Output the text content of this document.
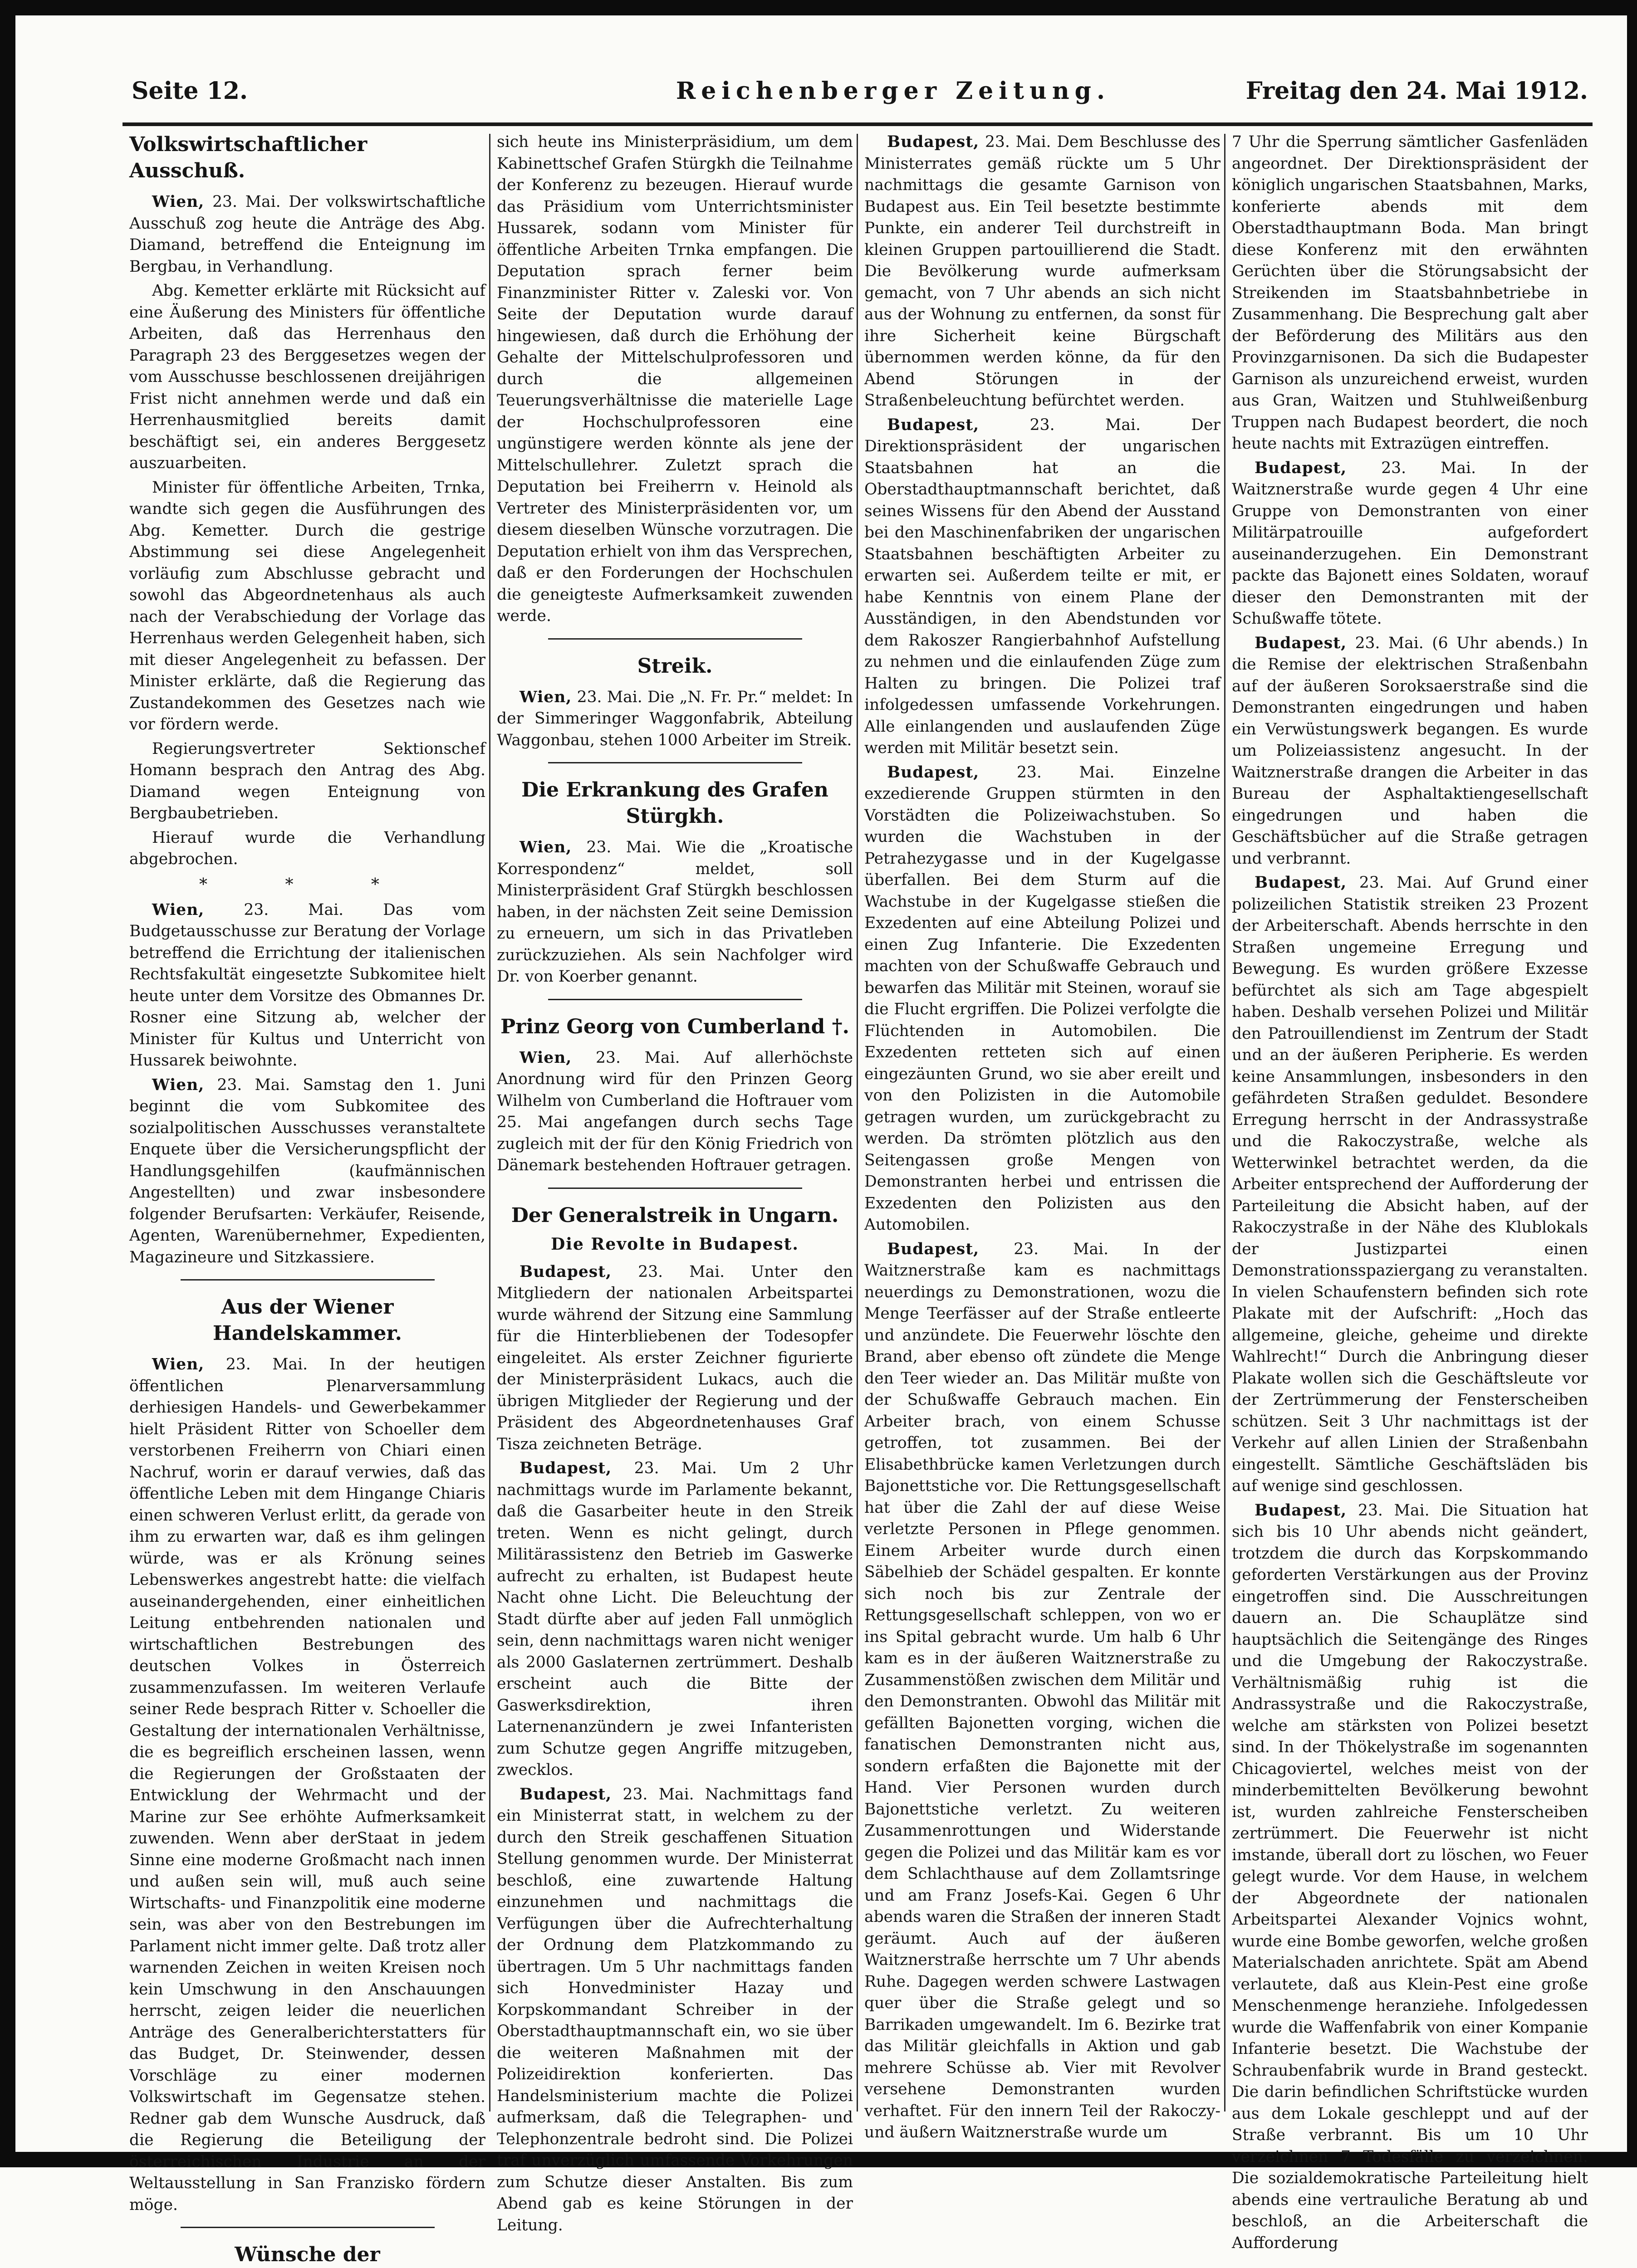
Seite 12.	Reichenberger Zeitung.	Freitag den 24. Mai 1912.
Volkswirtschaftlicher Ausschuß.

Wien, 23. Mai. Der volkswirtschaftliche Ausschuß zog heute die Anträge des Abg. Diamand, betreffend die Enteignung im Bergbau, in Verhandlung.

Abg. Kemetter erklärte mit Rücksicht auf eine Äußerung des Ministers für öffentliche Arbeiten, daß das Herrenhaus den Paragraph 23 des Berggesetzes wegen der vom Ausschusse beschlossenen dreijährigen Frist nicht annehmen werde und daß ein Herrenhausmitglied bereits damit beschäftigt sei, ein anderes Berggesetz auszuarbeiten.

Minister für öffentliche Arbeiten, Trnka, wandte sich gegen die Ausführungen des Abg. Kemetter. Durch die gestrige Abstimmung sei diese Angelegenheit vorläufig zum Abschlusse gebracht und sowohl das Abgeordnetenhaus als auch nach der Verabschiedung der Vorlage das Herrenhaus werden Gelegenheit haben, sich mit dieser Angelegenheit zu befassen. Der Minister erklärte, daß die Regierung das Zustandekommen des Gesetzes nach wie vor fördern werde.

Regierungsvertreter Sektionschef Homann besprach den Antrag des Abg. Diamand wegen Enteignung von Bergbaubetrieben.

Hierauf wurde die Verhandlung abgebrochen.

* * *

Wien,	23. Mai. Das vom Budgetausschusse zur Beratung der Vorlage betreffend die Errichtung der italienischen Rechtsfakultät eingesetzte Subkomitee hielt heute unter dem Vorsitze des Obmannes Dr. Rosner eine Sitzung ab, welcher der Minister für Kultus und Unterricht von Hussarek beiwohnte.

Wien, 23. Mai. Samstag den 1. Juni beginnt die vom Subkomitee des sozialpolitischen Ausschusses veranstaltete Enquete über die Versicherungspflicht der Handlungsgehilfen (kaufmännischen Angestellten) und zwar insbesondere folgender Berufsarten: Verkäufer, Reisende, Agenten, Warenübernehmer, Expedienten, Magazineure und Sitzkassiere.

Aus der Wiener Handelskammer.

Wien, 23. Mai. In der heutigen öffentlichen Plenarversammlung derhiesigen Handels- und Gewerbekammer hielt Präsident Ritter von Schoeller dem verstorbenen Freiherrn von Chiari einen Nachruf, worin er darauf verwies, daß das öffentliche Leben mit dem Hingange Chiaris einen schweren Verlust erlitt, da gerade von ihm zu erwarten war, daß es ihm gelingen würde, was er als Krönung seines Lebenswerkes angestrebt hatte: die vielfach auseinandergehenden, einer einheitlichen Leitung entbehrenden nationalen und wirtschaftlichen Bestrebungen des deutschen Volkes in Österreich zusammenzufassen. Im weiteren Verlaufe seiner Rede besprach Ritter v. Schoeller die Gestaltung der internationalen Verhältnisse, die es begreiflich erscheinen lassen, wenn die Regierungen der Großstaaten der Entwicklung der Wehrmacht und der Marine zur See erhöhte Aufmerksamkeit zuwenden. Wenn aber derStaat in jedem Sinne eine moderne Großmacht nach innen und außen sein will, muß auch seine Wirtschafts- und Finanzpolitik eine moderne sein, was aber von den Bestrebungen im Parlament nicht immer gelte. Daß trotz aller warnenden Zeichen in weiten Kreisen noch kein Umschwung in den Anschauungen herrscht, zeigen leider die neuerlichen Anträge des Generalberichterstatters für das Budget, Dr. Steinwender, dessen Vorschläge zu einer modernen Volkswirtschaft im Gegensatze stehen. Redner gab dem Wunsche Ausdruck, daß die Regierung die Beteiligung der österreichischen Industrie an der Weltausstellung in San Franzisko fördern möge.

Wünsche der

sich heute ins Ministerpräsidium, um dem Kabinettschef Grafen Stürgkh die Teilnahme der Konferenz zu bezeugen. Hierauf wurde das Präsidium vom Unterrichtsminister Hussarek, sodann vom Minister für öffentliche Arbeiten Trnka empfangen. Die Deputation sprach ferner beim Finanzminister Ritter v. Zaleski vor. Von Seite der Deputation wurde darauf hingewiesen, daß durch die Erhöhung der Gehalte der Mittelschulprofessoren und durch die allgemeinen Teuerungsverhältnisse die materielle Lage der Hochschulprofessoren eine ungünstigere werden könnte als jene der Mittelschullehrer. Zuletzt sprach die Deputation bei Freiherrn v. Heinold als Vertreter des Ministerpräsidenten vor, um diesem dieselben Wünsche vorzutragen. Die Deputation erhielt von ihm das Versprechen, daß er den Forderungen der Hochschulen die geneigteste Aufmerksamkeit zuwenden werde.

Streik.

Wien, 23. Mai. Die „N. Fr. Pr.“ meldet: In der Simmeringer Waggonfabrik, Abteilung Waggonbau, stehen 1000 Arbeiter im Streik.

Die Erkrankung des Grafen Stürgkh.

Wien, 23. Mai. Wie die „Kroatische Korrespondenz“ meldet, soll Ministerpräsident Graf Stürgkh beschlossen haben, in der nächsten Zeit seine Demission zu erneuern, um sich in das Privatleben zurückzuziehen. Als sein Nachfolger wird Dr. von Koerber genannt.

Prinz Georg von Cumberland †.

Wien, 23. Mai. Auf allerhöchste Anordnung wird für den Prinzen Georg Wilhelm von Cumberland die Hoftrauer vom 25. Mai angefangen durch sechs Tage zugleich mit der für den König Friedrich von Dänemark bestehenden Hoftrauer getragen.

Der Generalstreik in Ungarn.
Die Revolte in Budapest.

Budapest, 23. Mai. Unter den Mitgliedern der nationalen Arbeitspartei wurde während der Sitzung eine Sammlung für die Hinterbliebenen der Todesopfer eingeleitet. Als erster Zeichner figurierte der Ministerpräsident Lukacs, auch die übrigen Mitglieder der Regierung und der Präsident des Abgeordnetenhauses Graf Tisza zeichneten Beträge.

Budapest, 23. Mai. Um 2 Uhr nachmittags wurde im Parlamente bekannt, daß die Gasarbeiter heute in den Streik treten. Wenn es nicht gelingt, durch Militärassistenz den Betrieb im Gaswerke aufrecht zu erhalten, ist Budapest heute Nacht ohne Licht. Die Beleuchtung der Stadt dürfte aber auf jeden Fall unmöglich sein, denn nachmittags waren nicht weniger als 2000 Gaslaternen zertrümmert. Deshalb erscheint auch die Bitte der Gaswerksdirektion, ihren Laternenanzündern je zwei Infanteristen zum Schutze gegen Angriffe mitzugeben, zwecklos.

Budapest, 23. Mai. Nachmittags fand ein Ministerrat statt, in welchem zu der durch den Streik geschaffenen Situation Stellung genommen wurde. Der Ministerrat beschloß, eine zuwartende Haltung einzunehmen und nachmittags die Verfügungen über die Aufrechterhaltung der Ordnung dem Platzkommando zu übertragen. Um 5 Uhr nachmittags fanden sich Honvedminister Hazay und Korpskommandant Schreiber in der Oberstadthauptmannschaft ein, wo sie über die weiteren Maßnahmen mit der Polizeidirektion konferierten. Das Handelsministerium machte die Polizei aufmerksam, daß die Telegraphen- und Telephonzentrale bedroht sind. Die Polizei traf unverzüglich umfassende Vorkehrungen zum Schutze dieser Anstalten. Bis zum Abend gab es keine Störungen in der Leitung.

Budapest, 23. Mai. Dem Beschlusse des Ministerrates gemäß rückte um 5 Uhr nachmittags die gesamte Garnison von Budapest aus. Ein Teil besetzte bestimmte Punkte, ein anderer Teil durchstreift in kleinen Gruppen partouillierend die Stadt. Die Bevölkerung wurde aufmerksam gemacht, von 7 Uhr abends an sich nicht aus der Wohnung zu entfernen, da sonst für ihre Sicherheit keine Bürgschaft übernommen werden könne, da für den Abend Störungen in der Straßenbeleuchtung befürchtet werden.

Budapest,	23. Mai. Der Direktionspräsident der ungarischen Staatsbahnen hat an die Oberstadthauptmannschaft berichtet, daß seines Wissens für den Abend der Ausstand bei den Maschinenfabriken der ungarischen Staatsbahnen beschäftigten Arbeiter zu erwarten sei. Außerdem teilte er mit, er habe Kenntnis von einem Plane der Ausständigen, in den Abendstunden vor dem Rakoszer Rangierbahnhof Aufstellung zu nehmen und die einlaufenden Züge zum Halten zu bringen. Die Polizei traf infolgedessen umfassende Vorkehrungen. Alle einlangenden und auslaufenden Züge werden mit Militär besetzt sein.

Budapest, 23. Mai. Einzelne exzedierende Gruppen stürmten in den Vorstädten die Polizeiwachstuben. So wurden die Wachstuben in der Petrahezygasse und in der Kugelgasse überfallen. Bei dem Sturm auf die Wachstube in der Kugelgasse stießen die Exzedenten auf eine Abteilung Polizei und einen Zug Infanterie. Die Exzedenten machten von der Schußwaffe Gebrauch und bewarfen das Militär mit Steinen, worauf sie die Flucht ergriffen. Die Polizei verfolgte die Flüchtenden in Automobilen. Die Exzedenten retteten sich auf einen eingezäunten Grund, wo sie aber ereilt und von den Polizisten in die Automobile getragen wurden, um zurückgebracht zu werden. Da strömten plötzlich aus den Seitengassen große Mengen von Demonstranten herbei und entrissen die Exzedenten den Polizisten aus den Automobilen.

Budapest, 23. Mai. In der Waitznerstraße kam es nachmittags neuerdings zu Demonstrationen, wozu die Menge Teerfässer auf der Straße entleerte und anzündete. Die Feuerwehr löschte den Brand, aber ebenso oft zündete die Menge den Teer wieder an. Das Militär mußte von der Schußwaffe Gebrauch machen. Ein Arbeiter brach, von einem Schusse getroffen, tot zusammen. Bei der Elisabethbrücke kamen Verletzungen durch Bajonettstiche vor. Die Rettungsgesellschaft hat über die Zahl der auf diese Weise verletzte Personen in Pflege genommen. Einem Arbeiter wurde durch einen Säbelhieb der Schädel gespalten. Er konnte sich noch bis zur Zentrale der Rettungsgesellschaft schleppen, von wo er ins Spital gebracht wurde. Um halb 6 Uhr kam es in der äußeren Waitznerstraße zu Zusammenstößen zwischen dem Militär und den Demonstranten. Obwohl das Militär mit gefällten Bajonetten vorging, wichen die fanatischen Demonstranten nicht aus, sondern erfaßten die Bajonette mit der Hand. Vier Personen wurden durch Bajonettstiche verletzt. Zu weiteren Zusammenrottungen und Widerstande gegen die Polizei und das Militär kam es vor dem Schlachthause auf dem Zollamtsringe und am Franz Josefs-Kai. Gegen 6 Uhr abends waren die Straßen der inneren Stadt geräumt. Auch auf der äußeren Waitznerstraße herrschte um 7 Uhr abends Ruhe. Dagegen werden schwere Lastwagen quer über die Straße gelegt und so Barrikaden umgewandelt. Im 6. Bezirke trat das Militär gleichfalls in Aktion und gab mehrere Schüsse ab. Vier mit Revolver versehene Demonstranten wurden verhaftet. Für den innern Teil der Rakoczy- und äußern Waitznerstraße wurde um

7 Uhr die Sperrung sämtlicher Gasfenläden angeordnet. Der Direktionspräsident der königlich ungarischen Staatsbahnen, Marks, konferierte abends mit dem Oberstadthauptmann Boda. Man bringt diese Konferenz mit den erwähnten Gerüchten über die Störungsabsicht der Streikenden im Staatsbahnbetriebe in Zusammenhang. Die Besprechung galt aber der Beförderung des Militärs aus den Provinzgarnisonen. Da sich die Budapester Garnison als unzureichend erweist, wurden aus Gran, Waitzen und Stuhlweißenburg Truppen nach Budapest beordert, die noch heute nachts mit Extrazügen eintreffen.

Budapest, 23. Mai. In der Waitznerstraße wurde gegen 4 Uhr eine Gruppe von Demonstranten von einer Militärpatrouille aufgefordert auseinanderzugehen. Ein Demonstrant packte das Bajonett eines Soldaten, worauf dieser den Demonstranten mit der Schußwaffe tötete.

Budapest, 23. Mai. (6 Uhr abends.) In die Remise der elektrischen Straßenbahn auf der äußeren Soroksaerstraße sind die Demonstranten eingedrungen und haben ein Verwüstungswerk begangen. Es wurde um Polizeiassistenz angesucht. In der Waitznerstraße drangen die Arbeiter in das Bureau der Asphaltaktiengesellschaft eingedrungen und haben die Geschäftsbücher auf die Straße getragen und verbrannt.

Budapest, 23. Mai. Auf Grund einer polizeilichen Statistik streiken 23 Prozent der Arbeiterschaft. Abends herrschte in den Straßen ungemeine Erregung und Bewegung. Es wurden größere Exzesse befürchtet als sich am Tage abgespielt haben. Deshalb versehen Polizei und Militär den Patrouillendienst im Zentrum der Stadt und an der äußeren Peripherie. Es werden keine Ansammlungen, insbesonders in den gefährdeten Straßen geduldet. Besondere Erregung herrscht in der Andrassystraße und die Rakoczystraße, welche als Wetterwinkel betrachtet werden, da die Arbeiter entsprechend der Aufforderung der Parteileitung die Absicht haben, auf der Rakoczystraße in der Nähe des Klublokals der Justizpartei einen Demonstrationsspaziergang zu veranstalten. In vielen Schaufenstern befinden sich rote Plakate mit der Aufschrift: „Hoch das allgemeine, gleiche, geheime und direkte Wahlrecht!“ Durch die Anbringung dieser Plakate wollen sich die Geschäftsleute vor der Zertrümmerung der Fensterscheiben schützen. Seit 3 Uhr nachmittags ist der Verkehr auf allen Linien der Straßenbahn eingestellt. Sämtliche Geschäftsläden bis auf wenige sind geschlossen.

Budapest, 23. Mai. Die Situation hat sich bis 10 Uhr abends nicht geändert, trotzdem die durch das Korpskommando geforderten Verstärkungen aus der Provinz eingetroffen sind. Die Ausschreitungen dauern an. Die Schauplätze sind hauptsächlich die Seitengänge des Ringes und die Umgebung der Rakoczystraße. Verhältnismäßig ruhig ist die Andrassystraße und die Rakoczystraße, welche am stärksten von Polizei besetzt sind. In der Thökelystraße im sogenannten Chicagoviertel, welches meist von der minderbemittelten Bevölkerung bewohnt ist, wurden zahlreiche Fensterscheiben zertrümmert. Die Feuerwehr ist nicht imstande, überall dort zu löschen, wo Feuer gelegt wurde. Vor dem Hause, in welchem der Abgeordnete der nationalen Arbeitspartei Alexander Vojnics wohnt, wurde eine Bombe geworfen, welche großen Materialschaden anrichtete. Spät am Abend verlautete, daß aus Klein-Pest eine große Menschenmenge heranziehe. Infolgedessen wurde die Waffenfabrik von einer Kompanie Infanterie besetzt. Die Wachstube der Schraubenfabrik wurde in Brand gesteckt. Die darin befindlichen Schriftstücke wurden aus dem Lokale geschleppt und auf der Straße verbrannt. Bis um 10 Uhr verzeichnen 7 Todesfälle zu verzeichnen. Die sozialdemokratische Parteileitung hielt abends eine vertrauliche Beratung ab und beschloß, an die Arbeiterschaft die Aufforderung
